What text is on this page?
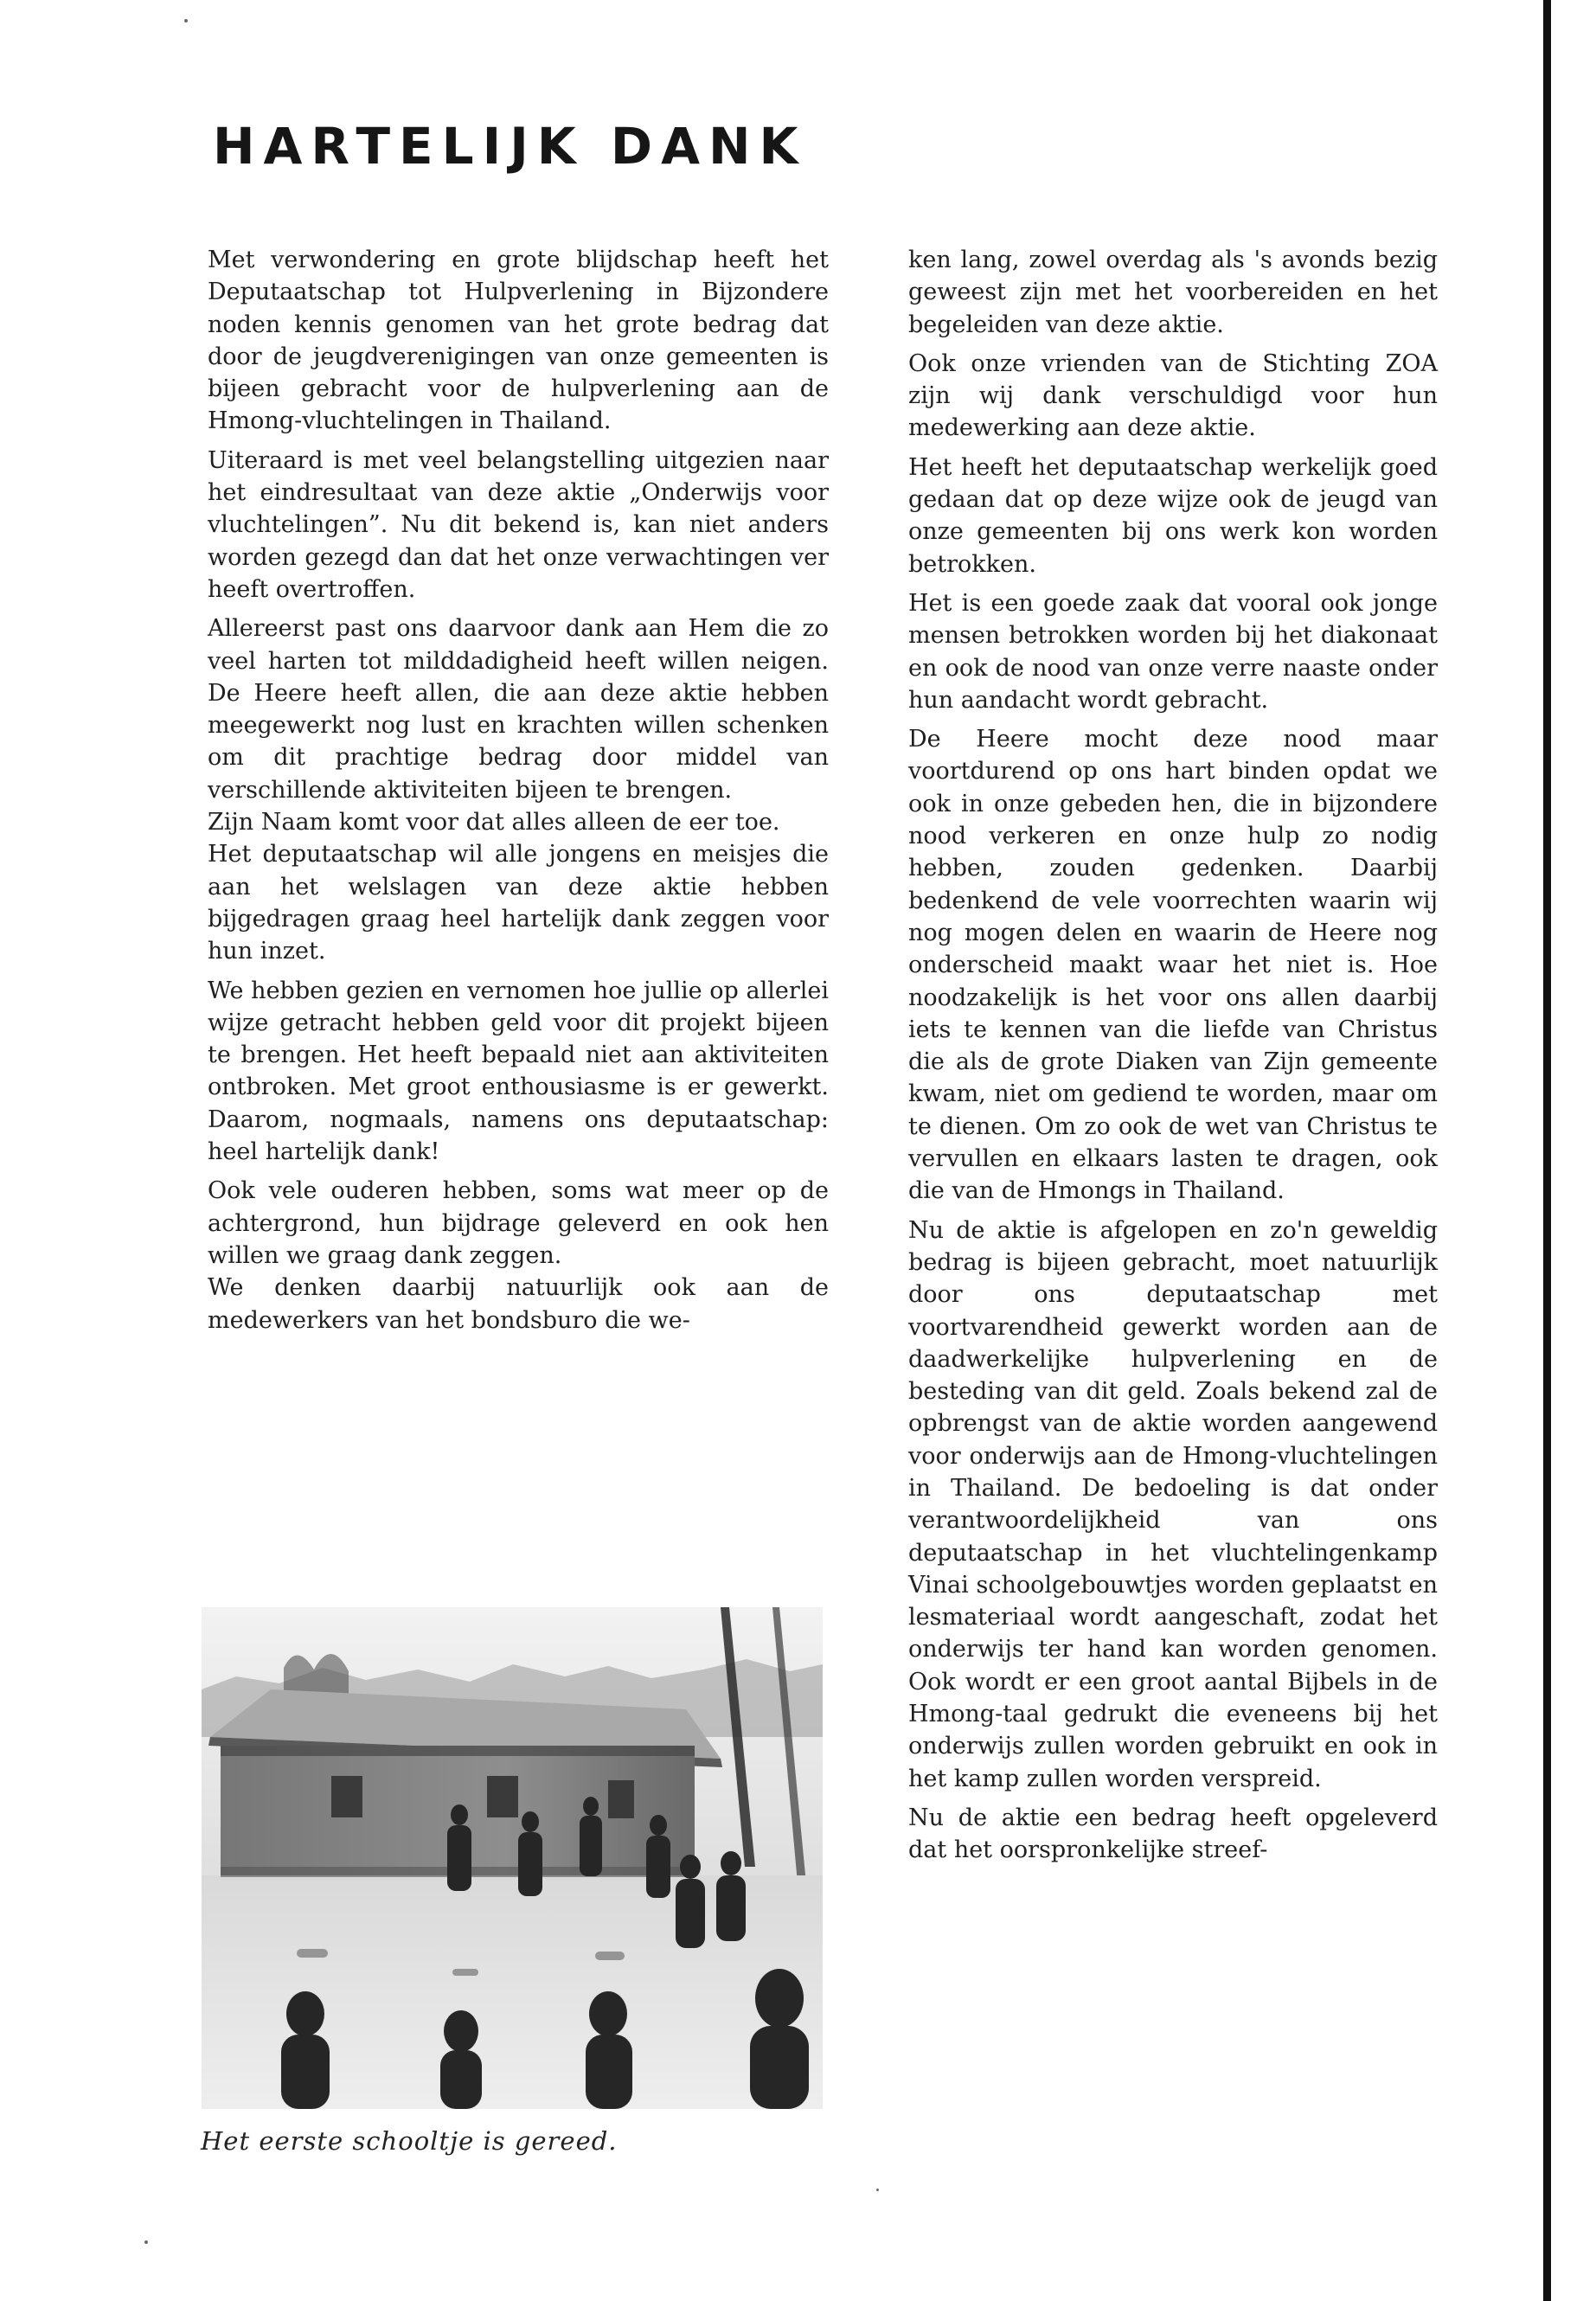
HARTELIJK DANK

Met verwondering en grote blijdschap heeft het Deputaatschap tot Hulpverlening in Bijzondere noden kennis genomen van het grote bedrag dat door de jeugdverenigingen van onze gemeenten is bijeen gebracht voor de hulpverlening aan de Hmong-vluchtelingen in Thailand.

Uiteraard is met veel belangstelling uitgezien naar het eindresultaat van deze aktie „Onderwijs voor vluchtelingen”. Nu dit bekend is, kan niet anders worden gezegd dan dat het onze verwachtingen ver heeft overtroffen.

Allereerst past ons daarvoor dank aan Hem die zo veel harten tot milddadigheid heeft willen neigen. De Heere heeft allen, die aan deze aktie hebben meegewerkt nog lust en krachten willen schenken om dit prachtige bedrag door middel van verschillende aktiviteiten bijeen te brengen.

Zijn Naam komt voor dat alles alleen de eer toe.

Het deputaatschap wil alle jongens en meisjes die aan het welslagen van deze aktie hebben bijgedragen graag heel hartelijk dank zeggen voor hun inzet.

We hebben gezien en vernomen hoe jullie op allerlei wijze getracht hebben geld voor dit projekt bijeen te brengen. Het heeft bepaald niet aan aktiviteiten ontbroken. Met groot enthousiasme is er gewerkt. Daarom, nogmaals, namens ons deputaatschap: heel hartelijk dank!

Ook vele ouderen hebben, soms wat meer op de achtergrond, hun bijdrage geleverd en ook hen willen we graag dank zeggen.

We denken daarbij natuurlijk ook aan de medewerkers van het bondsburo die we-

ken lang, zowel overdag als 's avonds bezig geweest zijn met het voorbereiden en het begeleiden van deze aktie.

Ook onze vrienden van de Stichting ZOA zijn wij dank verschuldigd voor hun medewerking aan deze aktie.

Het heeft het deputaatschap werkelijk goed gedaan dat op deze wijze ook de jeugd van onze gemeenten bij ons werk kon worden betrokken.

Het is een goede zaak dat vooral ook jonge mensen betrokken worden bij het diakonaat en ook de nood van onze verre naaste onder hun aandacht wordt gebracht.

De Heere mocht deze nood maar voortdurend op ons hart binden opdat we ook in onze gebeden hen, die in bijzondere nood verkeren en onze hulp zo nodig hebben, zouden gedenken. Daarbij bedenkend de vele voorrechten waarin wij nog mogen delen en waarin de Heere nog onderscheid maakt waar het niet is. Hoe noodzakelijk is het voor ons allen daarbij iets te kennen van die liefde van Christus die als de grote Diaken van Zijn gemeente kwam, niet om gediend te worden, maar om te dienen. Om zo ook de wet van Christus te vervullen en elkaars lasten te dragen, ook die van de Hmongs in Thailand.

Nu de aktie is afgelopen en zo'n geweldig bedrag is bijeen gebracht, moet natuurlijk door ons deputaatschap met voortvarendheid gewerkt worden aan de daadwerkelijke hulpverlening en de besteding van dit geld. Zoals bekend zal de opbrengst van de aktie worden aangewend voor onderwijs aan de Hmong-vluchtelingen in Thailand. De bedoeling is dat onder verantwoordelijkheid van ons deputaatschap in het vluchtelingenkamp Vinai schoolgebouwtjes worden geplaatst en lesmateriaal wordt aangeschaft, zodat het onderwijs ter hand kan worden genomen. Ook wordt er een groot aantal Bijbels in de Hmong-taal gedrukt die eveneens bij het onderwijs zullen worden gebruikt en ook in het kamp zullen worden verspreid.

Nu de aktie een bedrag heeft opgeleverd dat het oorspronkelijke streef-

Het eerste schooltje is gereed.
